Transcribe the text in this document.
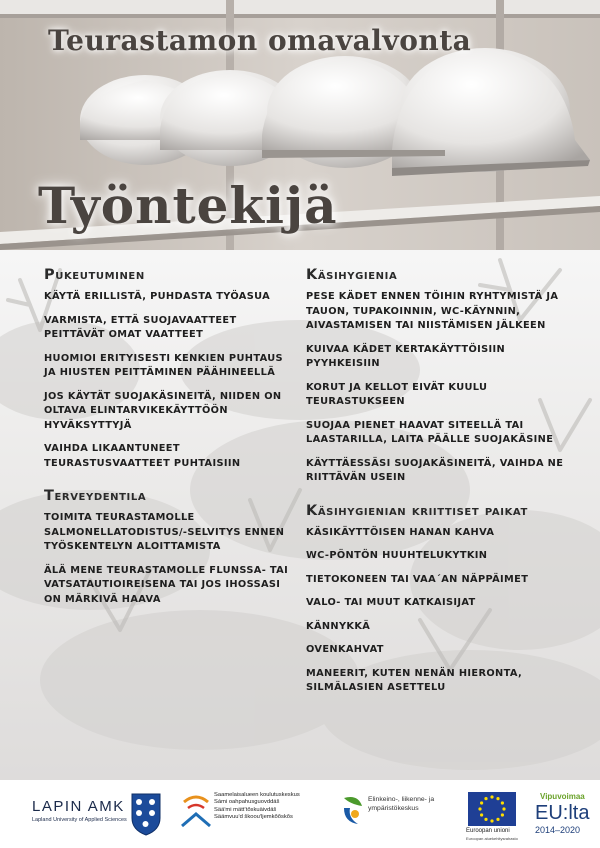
Teurastamon omavalvonta
Työntekijä
Pukeutuminen
KÄYTÄ ERILLISTÄ, PUHDASTA TYÖASUA
VARMISTA, ETTÄ SUOJAVAATTEET PEITTÄVÄT OMAT VAATTEET
HUOMIOI ERITYISESTI KENKIEN PUHTAUS JA HIUSTEN PEITTÄMINEN PÄÄHINEELLÄ
JOS KÄYTÄT SUOJAKÄSINEITÄ, NIIDEN ON OLTAVA ELINTARVIKEKÄYTTÖÖN HYVÄKSYTTYJÄ
VAIHDA LIKAANTUNEET TEURASTUSVAATTEET PUHTAISIIN
Terveydentila
TOIMITA TEURASTAMOLLE SALMONELLATODISTUS/-SELVITYS ENNEN TYÖSKENTELYN ALOITTAMISTA
ÄLÄ MENE TEURASTAMOLLE FLUNSSA- TAI VATSATAUTIOIREISENA TAI JOS IHOSSASI ON MÄRKIVÄ HAAVA
Käsihygienia
PESE KÄDET ENNEN TÖIHIN RYHTYMISTÄ JA TAUON, TUPAKOINNIN, WC-KÄYNNIN, AIVASTAMISEN TAI NIISTÄMISEN JÄLKEEN
KUIVAA KÄDET KERTAKÄYTTÖISIIN PYYHKEISIIN
KORUT JA KELLOT EIVÄT KUULU TEURASTUKSEEN
SUOJAA PIENET HAAVAT SITEELLÄ TAI LAASTARILLA, LAITA PÄÄLLE SUOJAKÄSINE
KÄYTTÄESSÄSI SUOJAKÄSINEITÄ, VAIHDA NE RIITTÄVÄN USEIN
Käsihygienian kriittiset paikat
KÄSIKÄYTTÖISEN HANAN KAHVA
WC-PÖNTÖN HUUHTELUKYTKIN
TIETOKONEEN TAI VAA´AN NÄPPÄIMET
VALO- TAI MUUT KATKAISIJAT
KÄNNYKKÄ
OVENKAHVAT
MANEERIT, KUTEN NENÄN HIERONTA, SILMÄLASIEN ASETTELU
LAPIN AMK
Lapland University of Applied Sciences
Saamelaisalueen koulutuskeskus
Sámi oahpahusguovddáš
Sääʹmi mättʼtõskuäivdäš
Säämvuuʹd škoouʹljemkõõskõs
Elinkeino-, liikenne- ja
ympäristökeskus
Euroopan unioni
Euroopan aluekehitysrahasto
Vipuvoimaa
EU:lta
2014–2020
